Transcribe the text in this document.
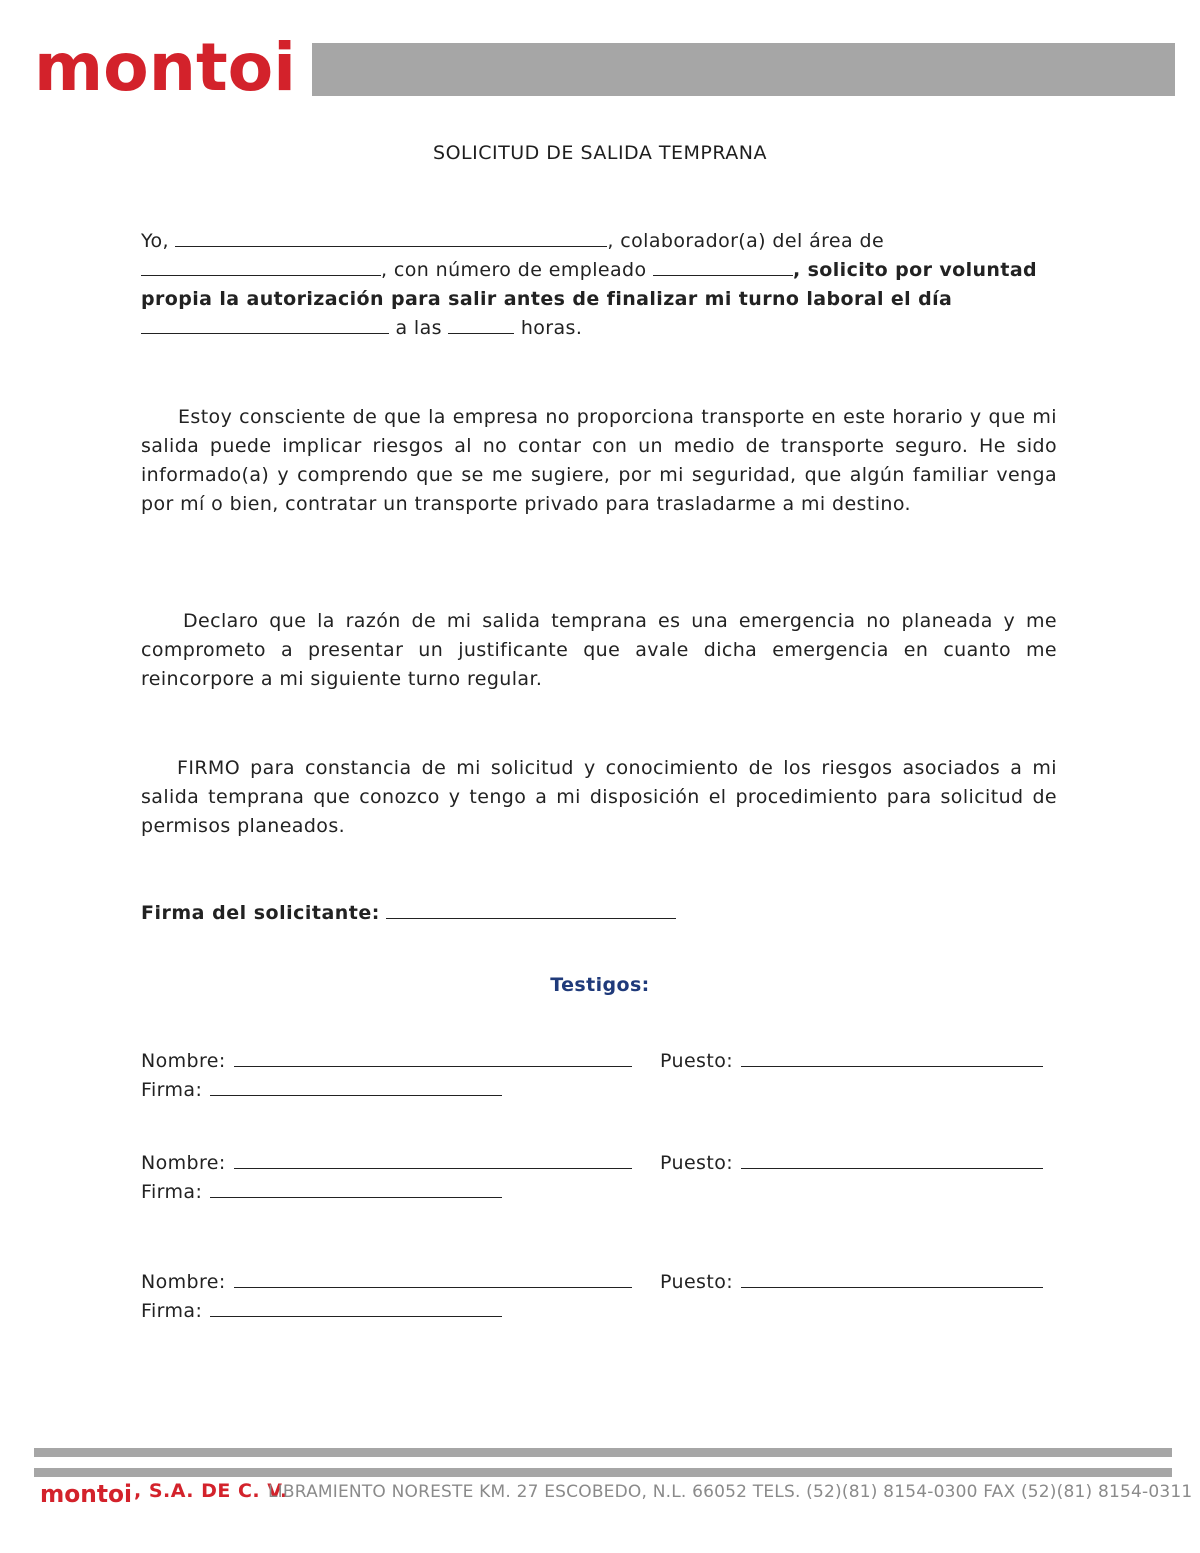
montoi
SOLICITUD DE SALIDA TEMPRANA
Yo,	, colaborador(a) del área de
, con número de empleado	, solicito por voluntad propia la autorización para salir antes de finalizar mi turno laboral el día  a las	horas.
Estoy consciente de que la empresa no proporciona transporte en este horario y que mi salida puede implicar riesgos al no contar con un medio de transporte seguro. He sido informado(a) y comprendo que se me sugiere, por mi seguridad, que algún familiar venga por mí o bien, contratar un transporte privado para trasladarme a mi destino.
Declaro que la razón de mi salida temprana es una emergencia no planeada y me comprometo a presentar un justificante que avale dicha emergencia en cuanto me reincorpore a mi siguiente turno regular.
FIRMO para constancia de mi solicitud y conocimiento de los riesgos asociados a mi salida temprana que conozco y tengo a mi disposición el procedimiento para solicitud de permisos planeados.
Firma del solicitante:
Testigos:
Nombre:	Puesto:
Firma:
Nombre:	Puesto:
Firma:
Nombre:	Puesto:
Firma:
montoi , S.A. DE C. V.
LIBRAMIENTO NORESTE KM. 27 ESCOBEDO, N.L. 66052 TELS. (52)(81) 8154-0300 FAX (52)(81) 8154-0311
